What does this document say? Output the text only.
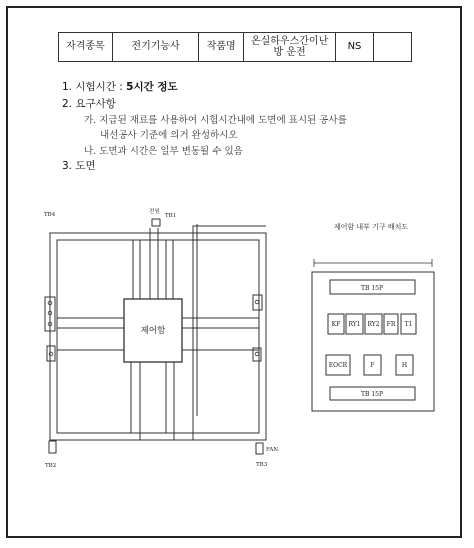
자격종목	전기기능사	작품명	온실하우스간이난방 운전	NS	
1. 시험시간 : 5시간 정도
2. 요구사항
가. 지급된 재료를 사용하여 시험시간내에 도면에 표시된 공사를
내선공사 기준에 의거 완성하시오
나. 도면과 시간은 일부 변동될 수 있음
3. 도면
제어함
전원
TB1
TB4
TB2	TB3
FAN
제어함 내부 기구 배치도
TB 15P
TB 15P
KF RY1 RY2 FR T1
EOCR	F	H
